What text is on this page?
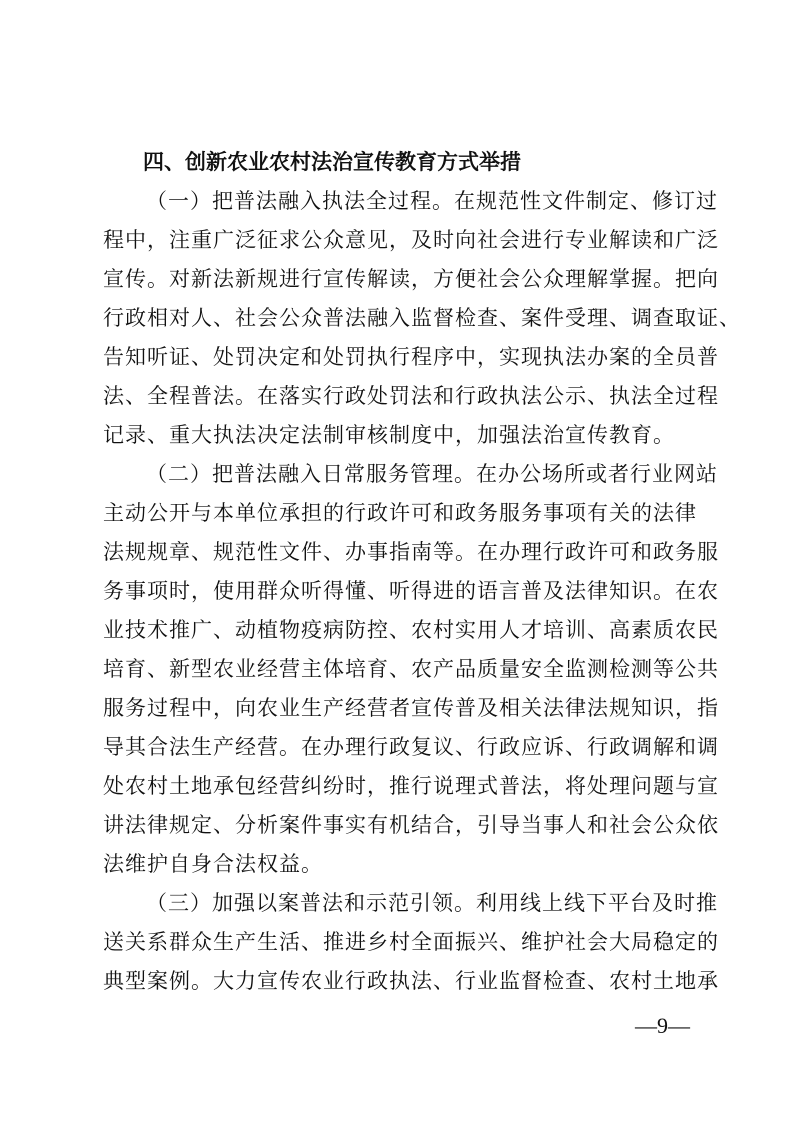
四、创新农业农村法治宣传教育方式举措
（一）把普法融入执法全过程。在规范性文件制定、修订过
程中，注重广泛征求公众意见，及时向社会进行专业解读和广泛
宣传。对新法新规进行宣传解读，方便社会公众理解掌握。把向
行政相对人、社会公众普法融入监督检查、案件受理、调查取证、
告知听证、处罚决定和处罚执行程序中，实现执法办案的全员普
法、全程普法。在落实行政处罚法和行政执法公示、执法全过程
记录、重大执法决定法制审核制度中，加强法治宣传教育。
（二）把普法融入日常服务管理。在办公场所或者行业网站
主动公开与本单位承担的行政许可和政务服务事项有关的法律
法规规章、规范性文件、办事指南等。在办理行政许可和政务服
务事项时，使用群众听得懂、听得进的语言普及法律知识。在农
业技术推广、动植物疫病防控、农村实用人才培训、高素质农民
培育、新型农业经营主体培育、农产品质量安全监测检测等公共
服务过程中，向农业生产经营者宣传普及相关法律法规知识，指
导其合法生产经营。在办理行政复议、行政应诉、行政调解和调
处农村土地承包经营纠纷时，推行说理式普法，将处理问题与宣
讲法律规定、分析案件事实有机结合，引导当事人和社会公众依
法维护自身合法权益。
（三）加强以案普法和示范引领。利用线上线下平台及时推
送关系群众生产生活、推进乡村全面振兴、维护社会大局稳定的
典型案例。大力宣传农业行政执法、行业监督检查、农村土地承
—9—
